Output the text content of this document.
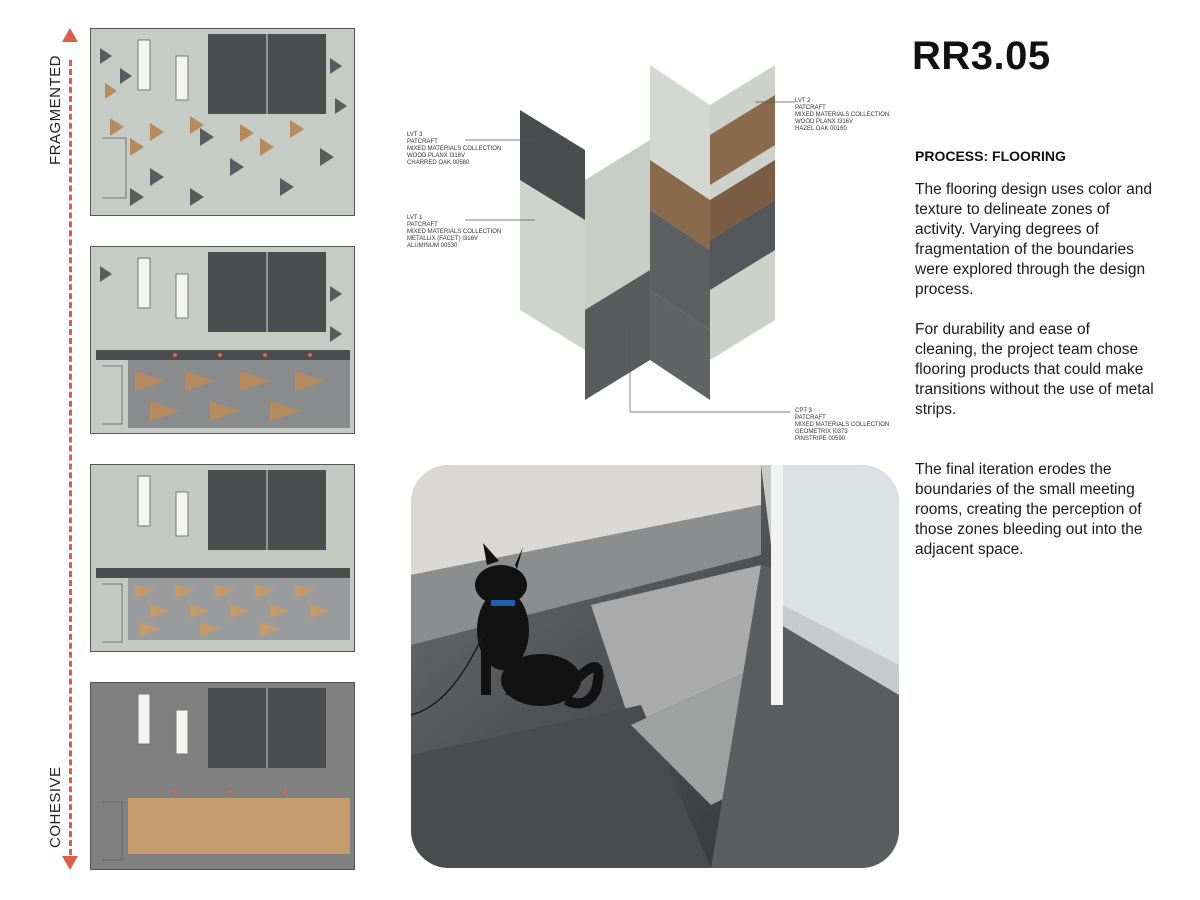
FRAGMENTED
COHESIVE
LVT 3
PATCRAFT
MIXED MATERIALS COLLECTION
WOOD PLANX I316V
CHARRED OAK 00580
LVT 1
PATCRAFT
MIXED MATERIALS COLLECTION
METALLIX (FACET) I316V
ALUMINUM 00530
LVT 2
PATCRAFT
MIXED MATERIALS COLLECTION
WOOD PLANX I316V
HAZEL OAK 00160
CPT 3
PATCRAFT
MIXED MATERIALS COLLECTION
GEOMETRIX I0373
PINSTRIPE 00590
RR3.05
PROCESS: FLOORING
The flooring design uses color and texture to delineate zones of activity. Varying degrees of fragmentation of the boundaries were explored through the design process.
For durability and ease of cleaning, the project team chose flooring products that could make transitions without the use of metal strips.
The final iteration erodes the boundaries of the small meeting rooms, creating the perception of those zones bleeding out into the adjacent space.
